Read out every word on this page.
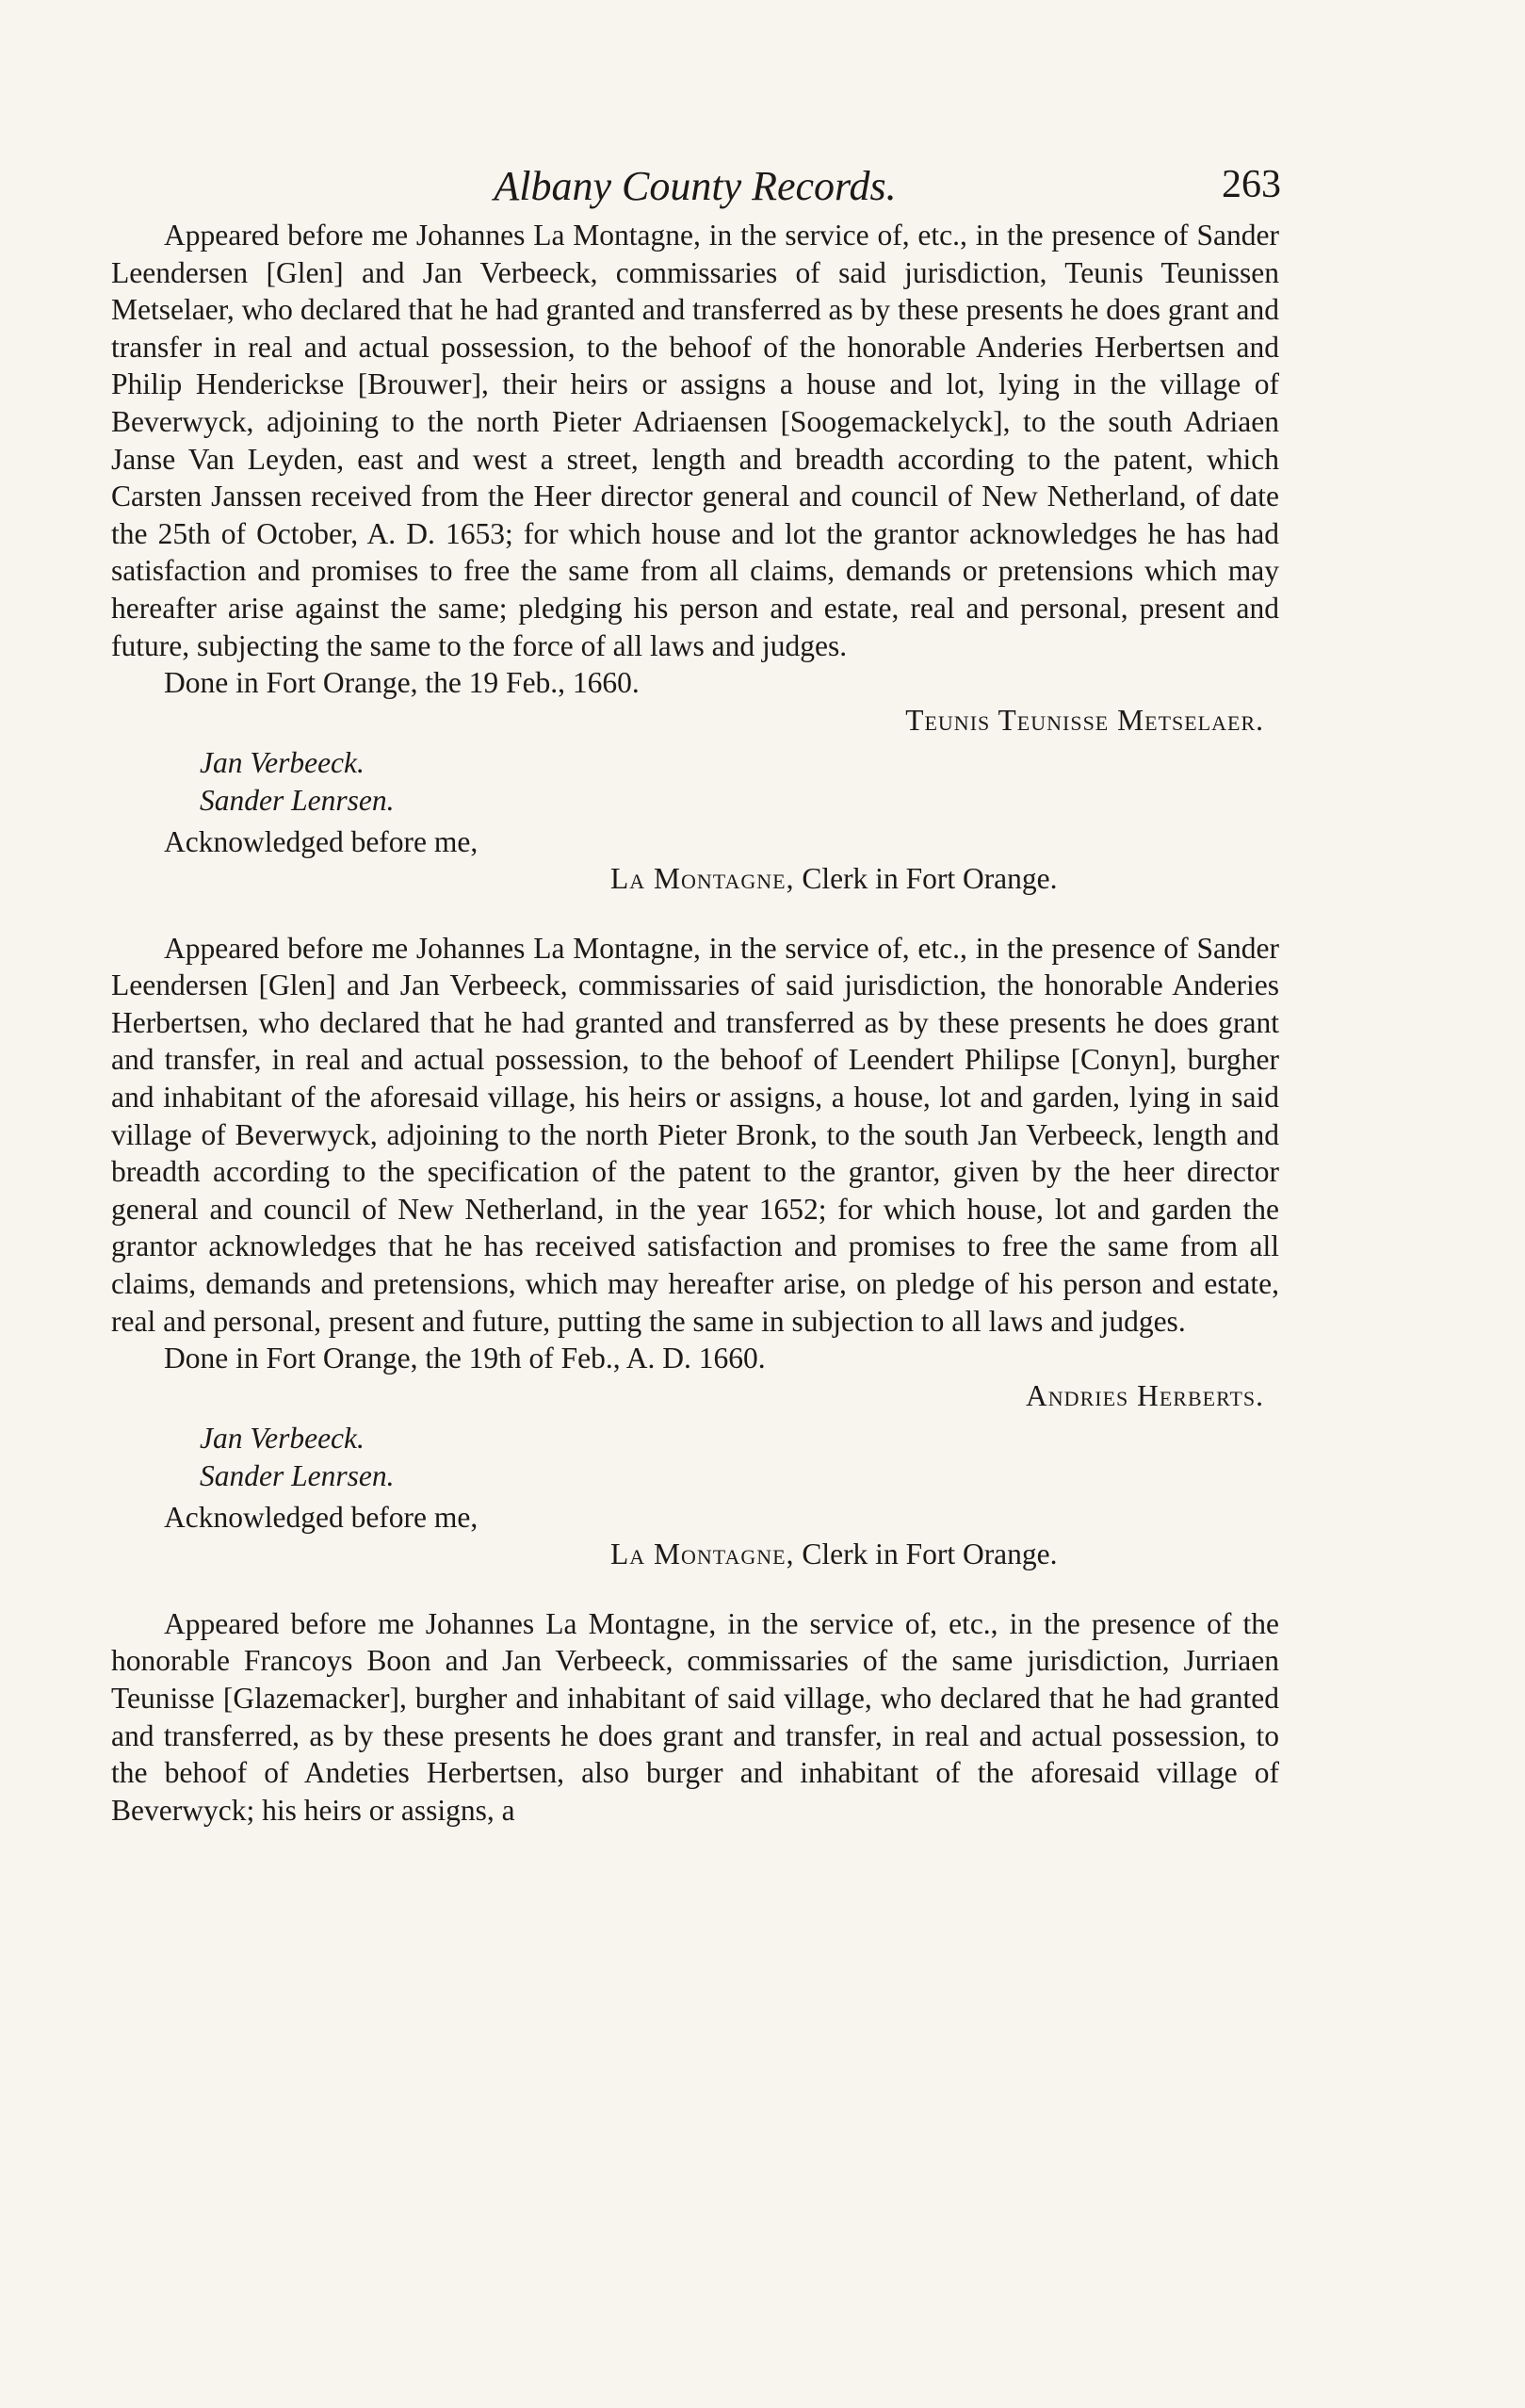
Albany County Records.	263

Appeared before me Johannes La Montagne, in the service of, etc., in the presence of Sander Leendersen [Glen] and Jan Verbeeck, commissaries of said jurisdiction, Teunis Teunissen Metselaer, who declared that he had granted and transferred as by these presents he does grant and transfer in real and actual possession, to the behoof of the honorable Anderies Herbertsen and Philip Henderickse [Brouwer], their heirs or assigns a house and lot, lying in the village of Beverwyck, adjoining to the north Pieter Adriaensen [Soogemackelyck], to the south Adriaen Janse Van Leyden, east and west a street, length and breadth according to the patent, which Carsten Janssen received from the Heer director general and council of New Netherland, of date the 25th of October, A. D. 1653; for which house and lot the grantor acknowledges he has had satisfaction and promises to free the same from all claims, demands or pretensions which may hereafter arise against the same; pledging his person and estate, real and personal, present and future, subjecting the same to the force of all laws and judges.

Done in Fort Orange, the 19 Feb., 1660.

Teunis Teunisse Metselaer.

Jan Verbeeck.
Sander Lenrsen.

Acknowledged before me,

La Montagne, Clerk in Fort Orange.

Appeared before me Johannes La Montagne, in the service of, etc., in the presence of Sander Leendersen [Glen] and Jan Verbeeck, commissaries of said jurisdiction, the honorable Anderies Herbertsen, who declared that he had granted and transferred as by these presents he does grant and transfer, in real and actual possession, to the behoof of Leendert Philipse [Conyn], burgher and inhabitant of the aforesaid village, his heirs or assigns, a house, lot and garden, lying in said village of Beverwyck, adjoining to the north Pieter Bronk, to the south Jan Verbeeck, length and breadth according to the specification of the patent to the grantor, given by the heer director general and council of New Netherland, in the year 1652; for which house, lot and garden the grantor acknowledges that he has received satisfaction and promises to free the same from all claims, demands and pretensions, which may hereafter arise, on pledge of his person and estate, real and personal, present and future, putting the same in subjection to all laws and judges.

Done in Fort Orange, the 19th of Feb., A. D. 1660.

Andries Herberts.

Jan Verbeeck.
Sander Lenrsen.

Acknowledged before me,

La Montagne, Clerk in Fort Orange.

Appeared before me Johannes La Montagne, in the service of, etc., in the presence of the honorable Francoys Boon and Jan Verbeeck, commissaries of the same jurisdiction, Jurriaen Teunisse [Glazemacker], burgher and inhabitant of said village, who declared that he had granted and transferred, as by these presents he does grant and transfer, in real and actual possession, to the behoof of Andeties Herbertsen, also burger and inhabitant of the aforesaid village of Beverwyck; his heirs or assigns, a
